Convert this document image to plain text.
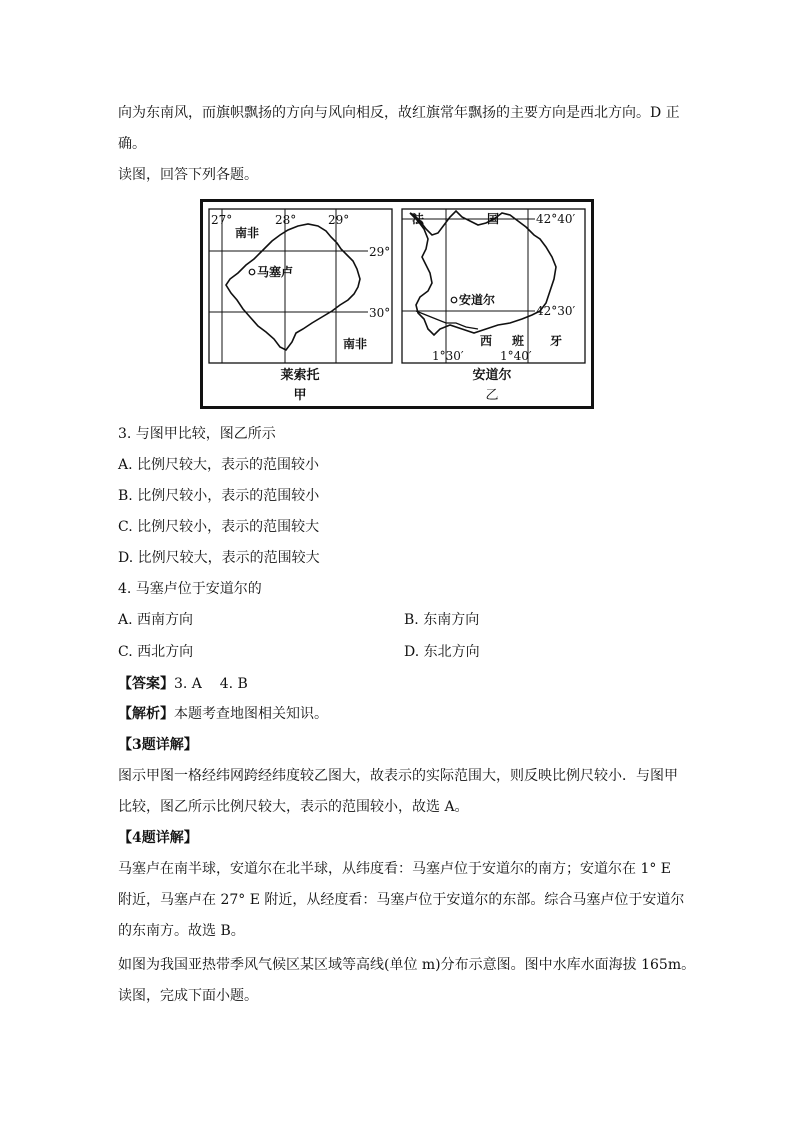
向为东南风，而旗帜飘扬的方向与风向相反，故红旗常年飘扬的主要方向是西北方向。D 正
确。
读图，回答下列各题。
27°	28°	29°
29°
30°
南非
南非
马塞卢
莱索托
甲
法	国	42°40′
42°30′
安道尔
西 班 牙
1°30′	1°40′
安道尔
乙
3. 与图甲比较，图乙所示
A. 比例尺较大，表示的范围较小
B. 比例尺较小，表示的范围较小
C. 比例尺较小，表示的范围较大
D. 比例尺较大，表示的范围较大
4. 马塞卢位于安道尔的
A. 西南方向	B. 东南方向
C. 西北方向	D. 东北方向
【答案】3. A    4. B
【解析】本题考查地图相关知识。
【3题详解】
图示甲图一格经纬网跨经纬度较乙图大，故表示的实际范围大，则反映比例尺较小．与图甲
比较，图乙所示比例尺较大，表示的范围较小，故选 A。
【4题详解】
马塞卢在南半球，安道尔在北半球，从纬度看：马塞卢位于安道尔的南方；安道尔在 1° E
附近，马塞卢在 27° E 附近，从经度看：马塞卢位于安道尔的东部。综合马塞卢位于安道尔
的东南方。故选 B。
如图为我国亚热带季风气候区某区域等高线(单位 m)分布示意图。图中水库水面海拔 165m。
读图，完成下面小题。
